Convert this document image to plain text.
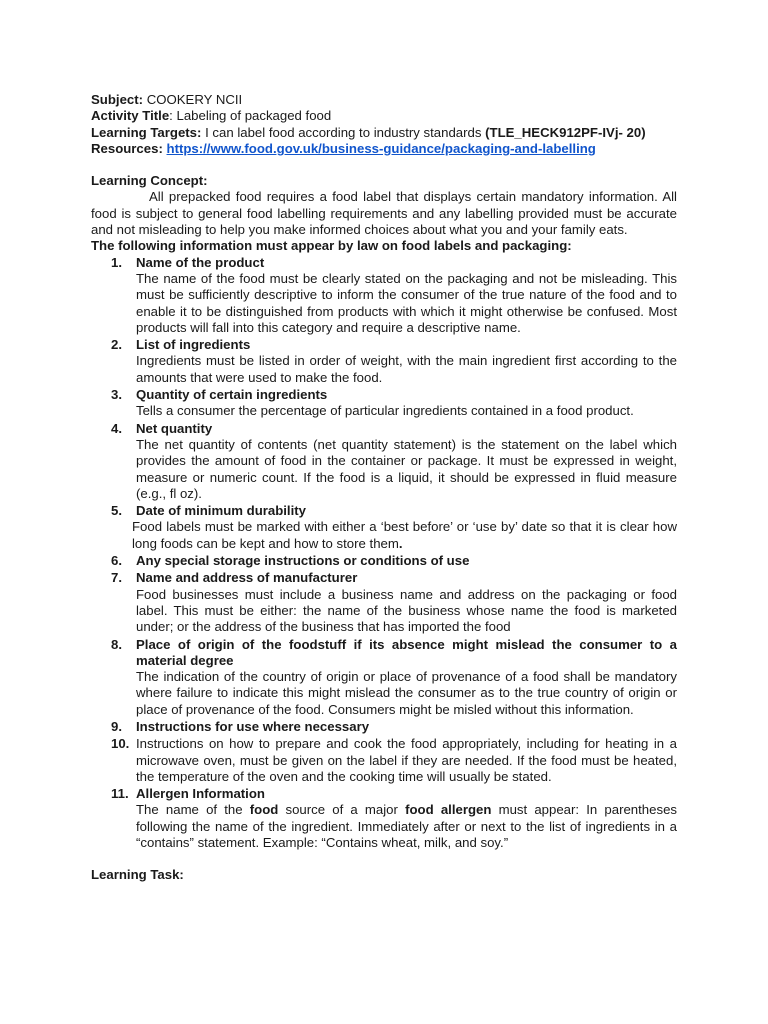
Subject: COOKERY NCII
Activity Title: Labeling of packaged food
Learning Targets: I can label food according to industry standards (TLE_HECK912PF-IVj- 20)
Resources: https://www.food.gov.uk/business-guidance/packaging-and-labelling
Learning Concept:
All prepacked food requires a food label that displays certain mandatory information. All food is subject to general food labelling requirements and any labelling provided must be accurate and not misleading to help you make informed choices about what you and your family eats.
The following information must appear by law on food labels and packaging:
1. Name of the product
The name of the food must be clearly stated on the packaging and not be misleading. This must be sufficiently descriptive to inform the consumer of the true nature of the food and to enable it to be distinguished from products with which it might otherwise be confused. Most products will fall into this category and require a descriptive name.
2. List of ingredients
Ingredients must be listed in order of weight, with the main ingredient first according to the amounts that were used to make the food.
3. Quantity of certain ingredients
Tells a consumer the percentage of particular ingredients contained in a food product.
4. Net quantity
The net quantity of contents (net quantity statement) is the statement on the label which provides the amount of food in the container or package. It must be expressed in weight, measure or numeric count. If the food is a liquid, it should be expressed in fluid measure (e.g., fl oz).
5. Date of minimum durability
Food labels must be marked with either a ‘best before’ or ‘use by’ date so that it is clear how long foods can be kept and how to store them.
6. Any special storage instructions or conditions of use
7. Name and address of manufacturer
Food businesses must include a business name and address on the packaging or food label. This must be either: the name of the business whose name the food is marketed under; or the address of the business that has imported the food
8. Place of origin of the foodstuff if its absence might mislead the consumer to a material degree
The indication of the country of origin or place of provenance of a food shall be mandatory where failure to indicate this might mislead the consumer as to the true country of origin or place of provenance of the food. Consumers might be misled without this information.
9. Instructions for use where necessary
10. Instructions on how to prepare and cook the food appropriately, including for heating in a microwave oven, must be given on the label if they are needed. If the food must be heated, the temperature of the oven and the cooking time will usually be stated.
11. Allergen Information
The name of the food source of a major food allergen must appear: In parentheses following the name of the ingredient. Immediately after or next to the list of ingredients in a “contains” statement. Example: “Contains wheat, milk, and soy.”
Learning Task:
